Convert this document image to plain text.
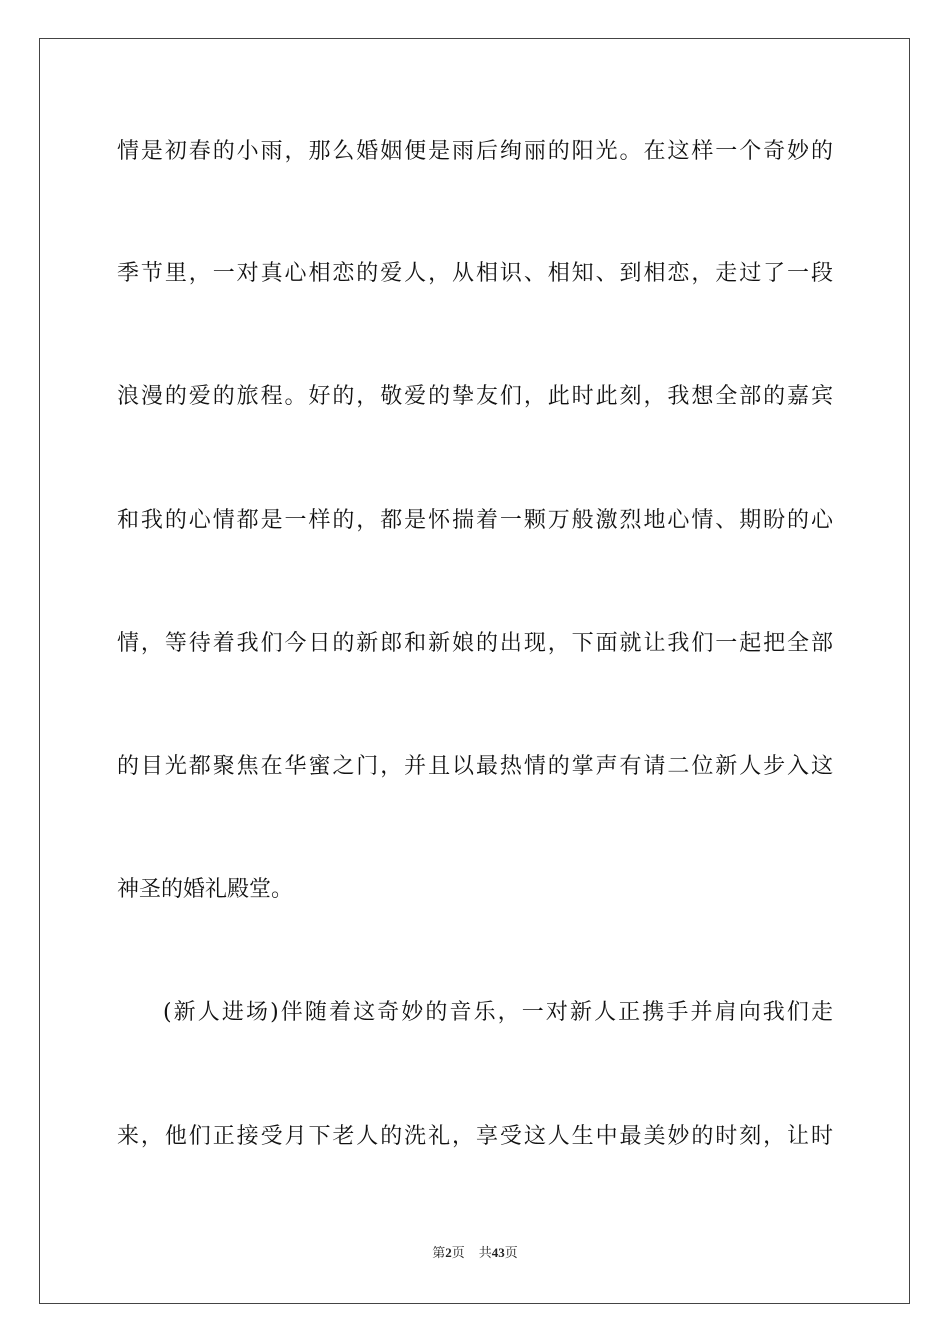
情是初春的小雨，那么婚姻便是雨后绚丽的阳光。在这样一个奇妙的
季节里，一对真心相恋的爱人，从相识、相知、到相恋，走过了一段
浪漫的爱的旅程。好的，敬爱的挚友们，此时此刻，我想全部的嘉宾
和我的心情都是一样的，都是怀揣着一颗万般激烈地心情、期盼的心
情，等待着我们今日的新郎和新娘的出现，下面就让我们一起把全部
的目光都聚焦在华蜜之门，并且以最热情的掌声有请二位新人步入这
神圣的婚礼殿堂。
(新人进场)伴随着这奇妙的音乐，一对新人正携手并肩向我们走
来，他们正接受月下老人的洗礼，享受这人生中最美妙的时刻，让时
第2页 共43页
